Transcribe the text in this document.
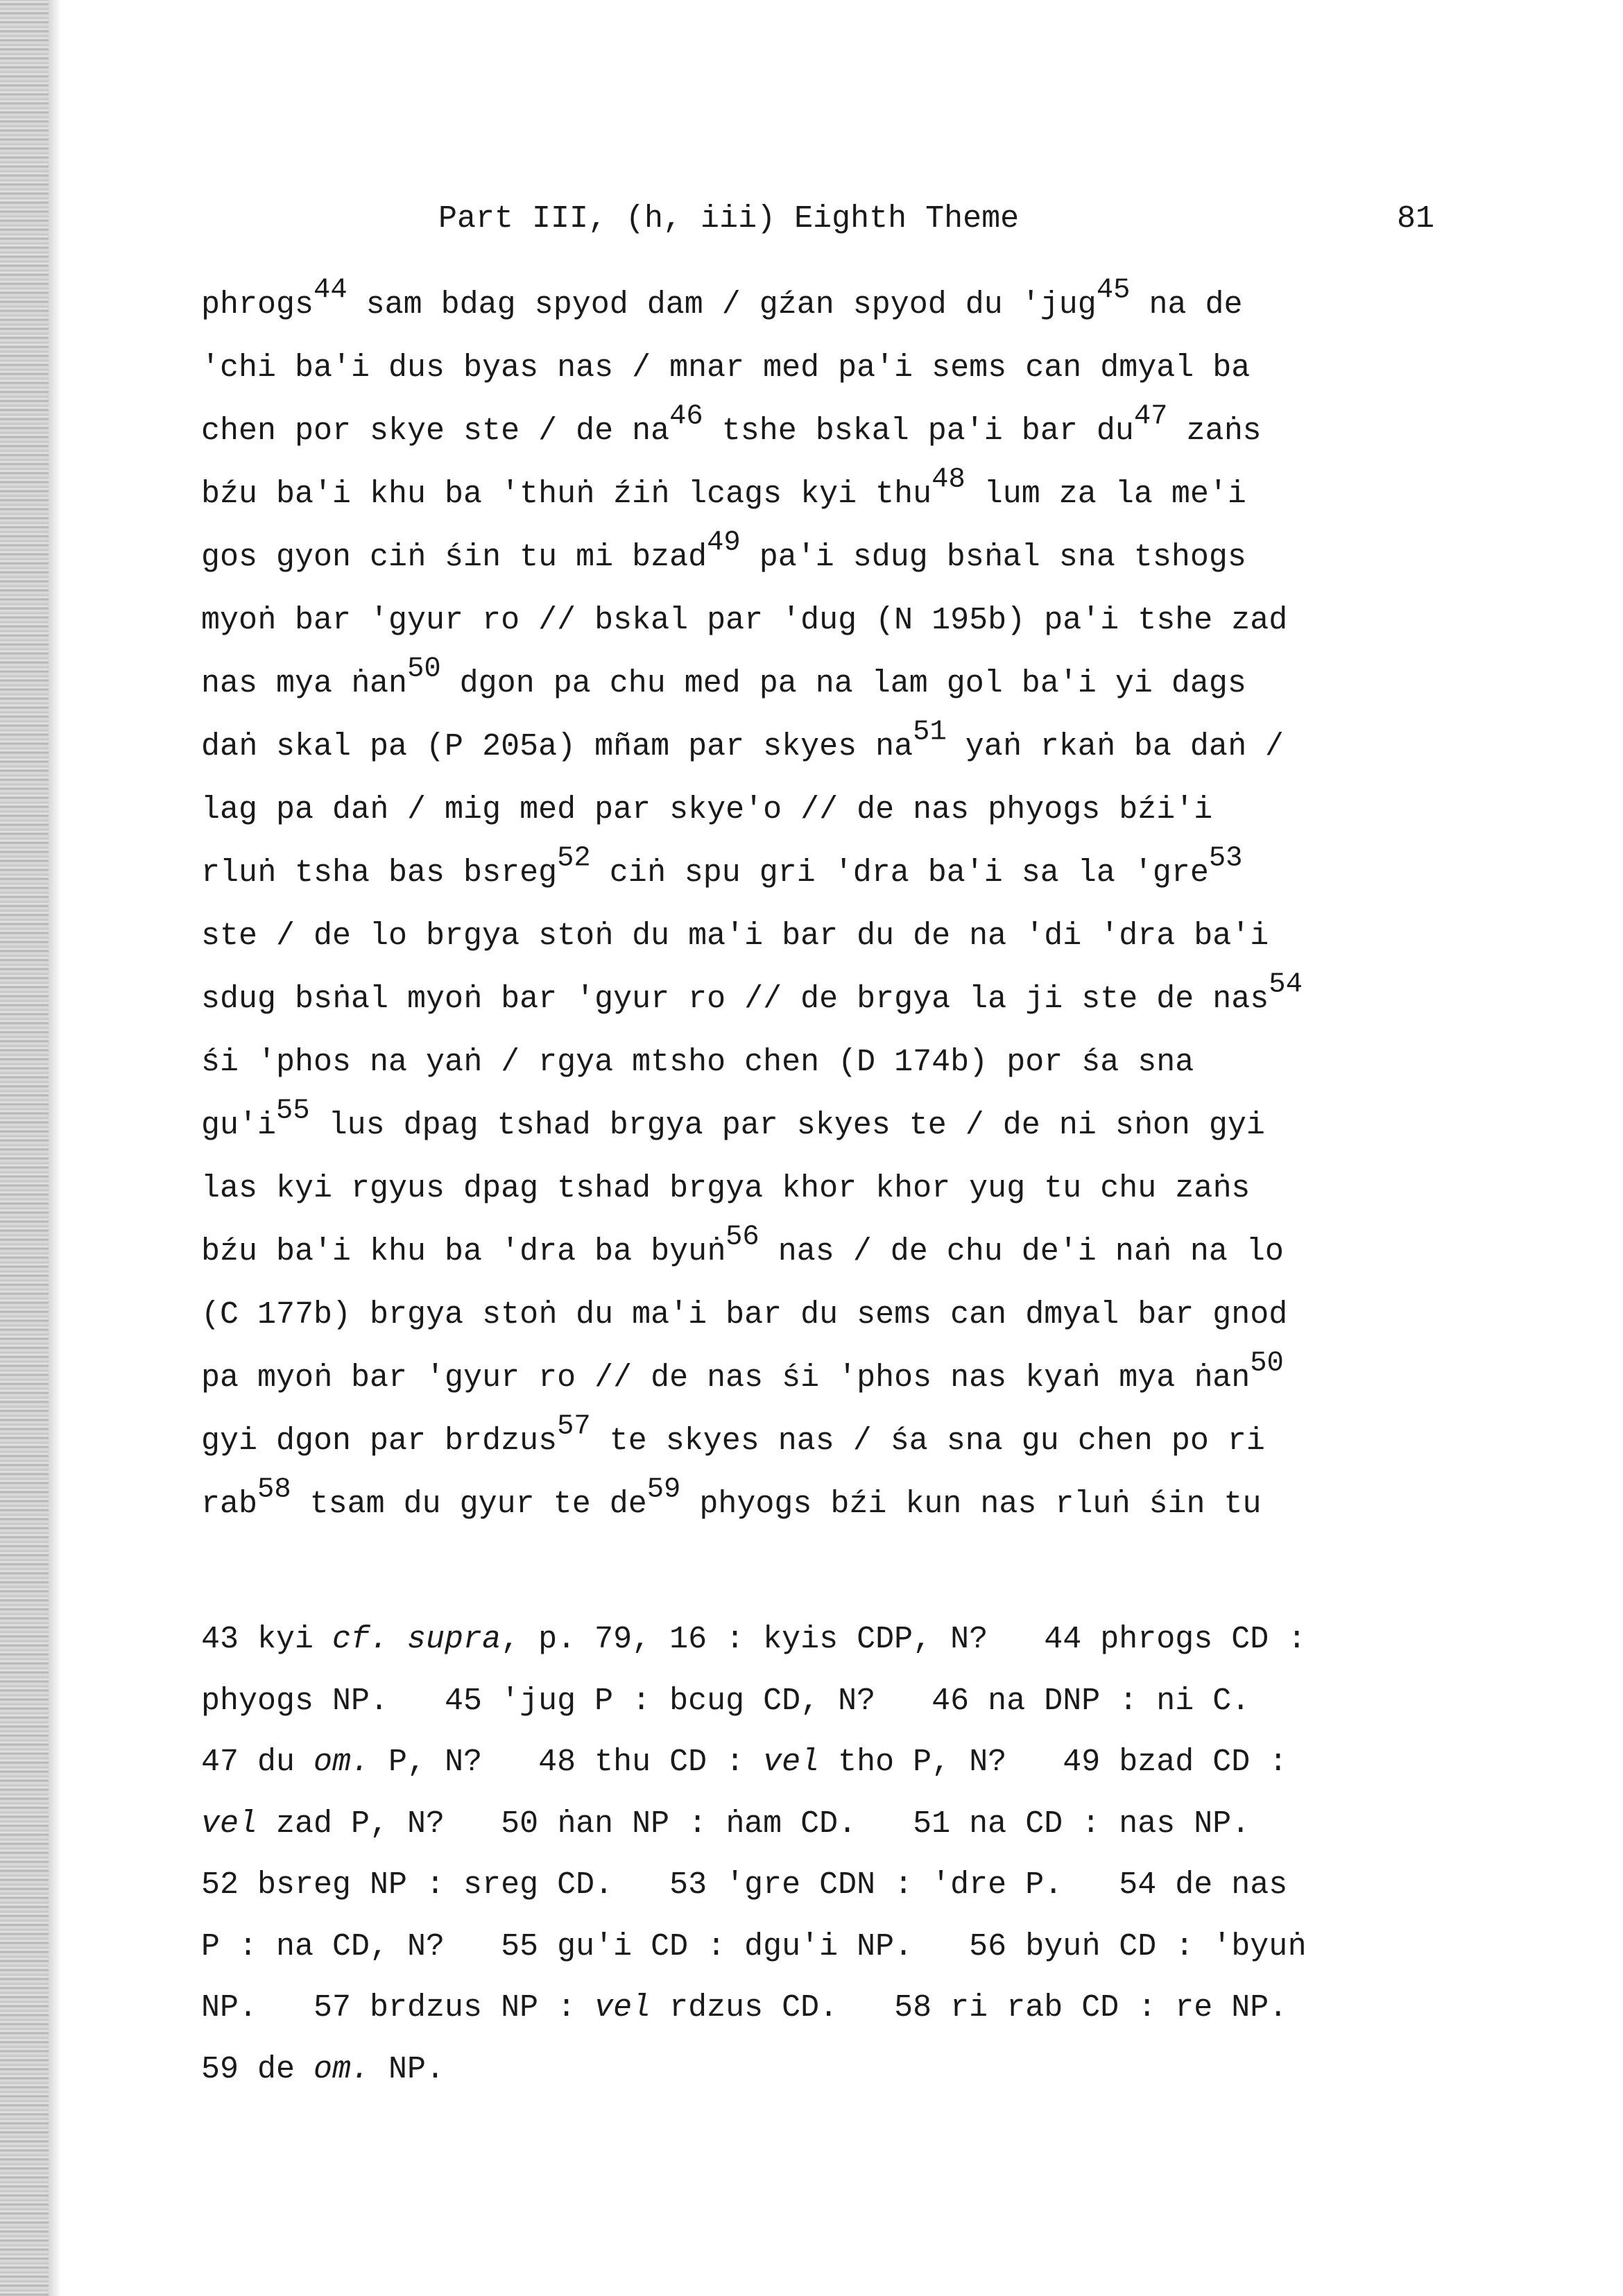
Part III, (h, iii) Eighth Theme	81
phrogs$^{44}$ sam bdag spyod dam / gźan spyod du 'jug$^{45}$ na de
'chi ba'i dus byas nas / mnar med pa'i sems can dmyal ba
chen por skye ste / de $na^{46}$ tshe bskal pa'i bar $du^{47}$ zaṅs
bźu ba'i khu ba 'thuṅ źiṅ lcags kyi thu$^{48}$ lum za la me'i
gos gyon ciṅ śin tu mi bzad$^{49}$ pa'i sdug bsṅal sna tshogs
myoṅ bar 'gyur ro // bskal par 'dug (N 195b) pa'i tshe zad
nas mya ṅan$^{50}$ dgon pa chu med pa na lam gol ba'i yi dags
daṅ skal pa (P 205a) mñam par skyes $na^{51}$ yaṅ rkaṅ ba daṅ /
lag pa daṅ / mig med par skye'o // de nas phyogs bźi'i
rluṅ tsha bas bsreg$^{52}$ ciṅ spu gri 'dra ba'i sa la 'gre$^{53}$
ste / de lo brgya stoṅ du ma'i bar du de na 'di 'dra ba'i
sdug bsṅal myoṅ bar 'gyur ro // de brgya la ji ste de nas$^{54}$
śi 'phos na yaṅ / rgya mtsho chen (D 174b) por śa sna
$gu'i^{55}$ lus dpag tshad brgya par skyes te / de ni sṅon gyi
las kyi rgyus dpag tshad brgya khor khor yug tu chu zaṅs
bźu ba'i khu ba 'dra ba byuṅ$^{56}$ nas / de chu de'i naṅ na lo
(C 177b) brgya stoṅ du ma'i bar du sems can dmyal bar gnod
pa myoṅ bar 'gyur ro // de nas śi 'phos nas kyaṅ mya ṅan$^{50}$
gyi dgon par brdzus$^{57}$ te skyes nas / śa sna gu chen po ri
rab$^{58}$ tsam du gyur te $de^{59}$ phyogs bźi kun nas rluṅ śin tu
43 kyi cf. supra, p. 79, 16 : kyis CDP, N?   44 phrogs CD :
phyogs NP.   45 'jug P : bcug CD, N?   46 na DNP : ni C.
47 du om. P, N?   48 thu CD : vel tho P, N?   49 bzad CD :
vel zad P, N?   50 ṅan NP : ṅam CD.   51 na CD : nas NP.
52 bsreg NP : sreg CD.   53 'gre CDN : 'dre P.   54 de nas
P : na CD, N?   55 gu'i CD : dgu'i NP.   56 byuṅ CD : 'byuṅ
NP.   57 brdzus NP : vel rdzus CD.   58 ri rab CD : re NP.
59 de om. NP.
